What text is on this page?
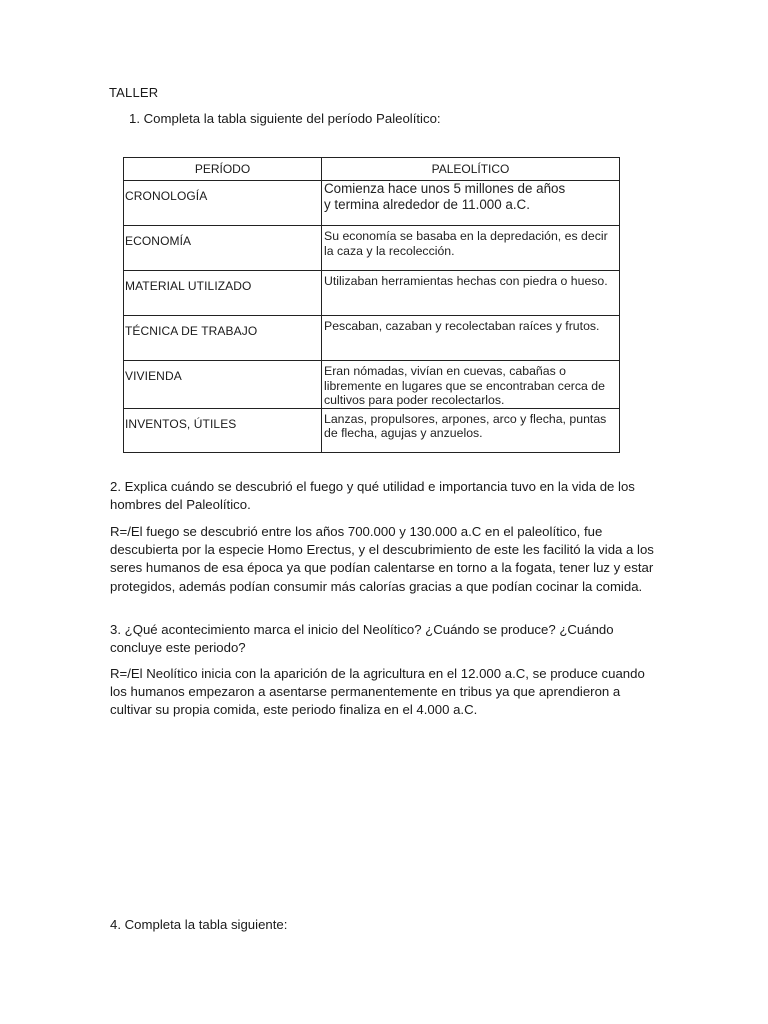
TALLER
1. Completa la tabla siguiente del período Paleolítico:
PERÍODO	PALEOLÍTICO

CRONOLOGÍA	Comienza hace unos 5 millones de años
y termina alrededor de 11.000 a.C.

ECONOMÍA	Su economía se basaba en la depredación, es decir la caza y la recolección.

MATERIAL UTILIZADO	Utilizaban herramientas hechas con piedra o hueso.

TÉCNICA DE TRABAJO	Pescaban, cazaban y recolectaban raíces y frutos.

VIVIENDA	Eran nómadas, vivían en cuevas, cabañas o libremente en lugares que se encontraban cerca de cultivos para poder recolectarlos.

INVENTOS, ÚTILES	Lanzas, propulsores, arpones, arco y flecha, puntas de flecha, agujas y anzuelos.
2. Explica cuándo se descubrió el fuego y qué utilidad e importancia tuvo en la vida de los hombres del Paleolítico.
R=/El fuego se descubrió entre los años 700.000 y 130.000 a.C en el paleolítico, fue descubierta por la especie Homo Erectus, y el descubrimiento de este les facilitó la vida a los seres humanos de esa época ya que podían calentarse en torno a la fogata, tener luz y estar protegidos, además podían consumir más calorías gracias a que podían cocinar la comida.
3. ¿Qué acontecimiento marca el inicio del Neolítico? ¿Cuándo se produce? ¿Cuándo concluye este periodo?
R=/El Neolítico inicia con la aparición de la agricultura en el 12.000 a.C, se produce cuando los humanos empezaron a asentarse permanentemente en tribus ya que aprendieron a cultivar su propia comida, este periodo finaliza en el 4.000 a.C.
4. Completa la tabla siguiente:
